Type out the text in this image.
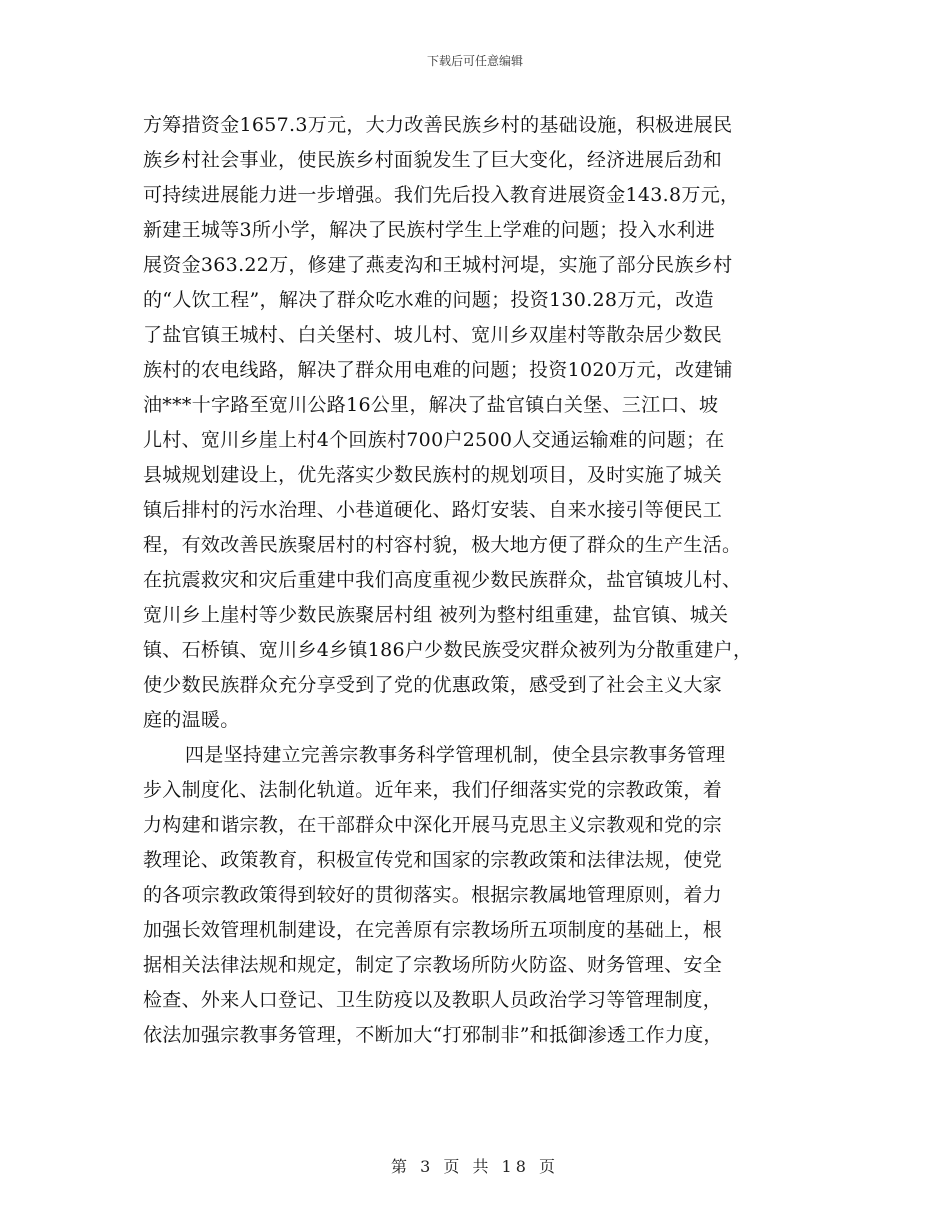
下载后可任意编辑
方筹措资金1657.3万元，大力改善民族乡村的基础设施，积极进展民
族乡村社会事业，使民族乡村面貌发生了巨大变化，经济进展后劲和
可持续进展能力进一步增强。我们先后投入教育进展资金143.8万元，
新建王城等3所小学，解决了民族村学生上学难的问题；投入水利进
展资金363.22万，修建了燕麦沟和王城村河堤，实施了部分民族乡村
的“人饮工程”，解决了群众吃水难的问题；投资130.28万元，改造
了盐官镇王城村、白关堡村、坡儿村、宽川乡双崖村等散杂居少数民
族村的农电线路，解决了群众用电难的问题；投资1020万元，改建铺
油***十字路至宽川公路16公里，解决了盐官镇白关堡、三江口、坡
儿村、宽川乡崖上村4个回族村700户2500人交通运输难的问题；在
县城规划建设上，优先落实少数民族村的规划项目，及时实施了城关
镇后排村的污水治理、小巷道硬化、路灯安装、自来水接引等便民工
程，有效改善民族聚居村的村容村貌，极大地方便了群众的生产生活。
在抗震救灾和灾后重建中我们高度重视少数民族群众，盐官镇坡儿村、
宽川乡上崖村等少数民族聚居村组 被列为整村组重建，盐官镇、城关
镇、石桥镇、宽川乡4乡镇186户少数民族受灾群众被列为分散重建户，
使少数民族群众充分享受到了党的优惠政策，感受到了社会主义大家
庭的温暖。
四是坚持建立完善宗教事务科学管理机制，使全县宗教事务管理
步入制度化、法制化轨道。近年来，我们仔细落实党的宗教政策，着
力构建和谐宗教，在干部群众中深化开展马克思主义宗教观和党的宗
教理论、政策教育，积极宣传党和国家的宗教政策和法律法规，使党
的各项宗教政策得到较好的贯彻落实。根据宗教属地管理原则，着力
加强长效管理机制建设，在完善原有宗教场所五项制度的基础上，根
据相关法律法规和规定，制定了宗教场所防火防盗、财务管理、安全
检查、外来人口登记、卫生防疫以及教职人员政治学习等管理制度，
依法加强宗教事务管理，不断加大“打邪制非”和抵御渗透工作力度，
第 3 页 共 18 页
